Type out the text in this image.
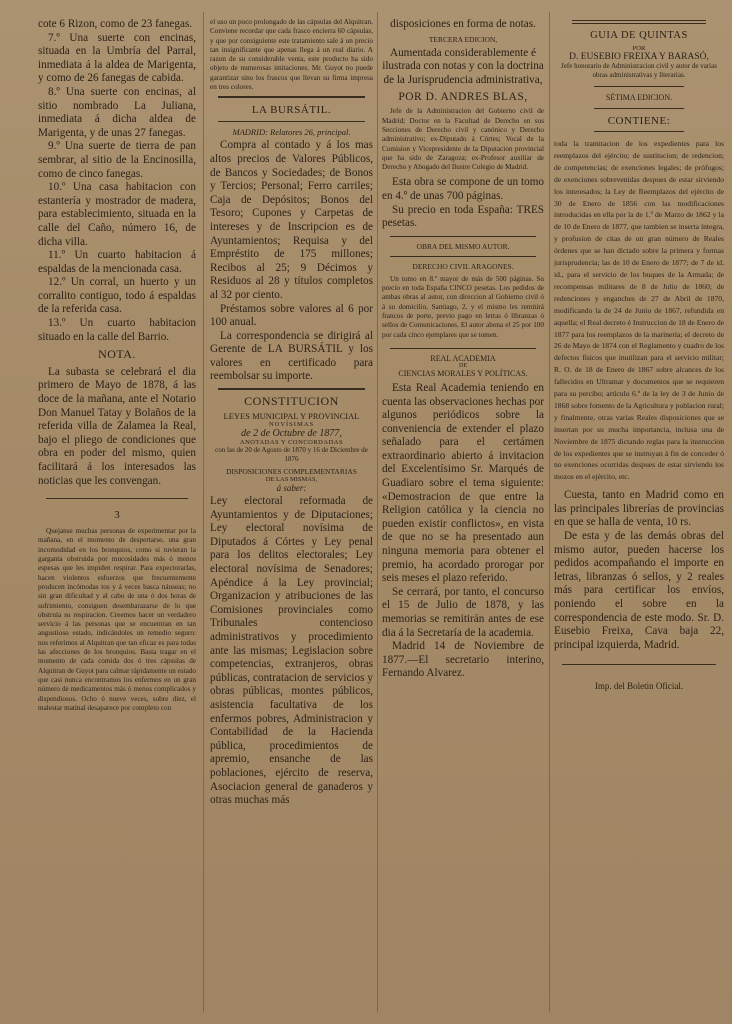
cote 6 Rizon, como de 23 fanegas.

7.º Una suerte con encinas, situada en la Umbría del Parral, inmediata á la aldea de Marigenta, y como de 26 fanegas de cabida.

8.º Una suerte con encinas, al sitio nombrado La Juliana, inmediata á dicha aldea de Marigenta, y de unas 27 fanegas.

9.º Una suerte de tierra de pan sembrar, al sitio de la Encinosilla, como de cinco fanegas.

10.º Una casa habitacion con estantería y mostrador de madera, para establecimiento, situada en la calle del Caño, número 16, de dicha villa.

11.º Un cuarto habitacion á espaldas de la mencionada casa.

12.º Un corral, un huerto y un corralito contiguo, todo á espaldas de la referida casa.

13.º Un cuarto habitacion situado en la calle del Barrio.

NOTA.

La subasta se celebrará el dia primero de Mayo de 1878, á las doce de la mañana, ante el Notario Don Manuel Tatay y Bolaños de la referida villa de Zalamea la Real, bajo el pliego de condiciones que obra en poder del mismo, quien facilitará á los interesados las noticias que les convengan.

3

Quejanse muchas personas de experimentar por la mañana, en el momento de despertarse, una gran incomodidad en los bronquios, como si tuvieran la garganta obstruida por mucosidades más ó menos espesas que les impiden respirar. Para expectorarlas, hacen violentos esfuerzos que frecuentemente producen incómodas tos y á veces basca náuseas; no sin gran dificultad y al cabo de una ó dos horas de sufrimiento, consiguen desembarazarse de lo que obstruía su respiracion. Creemos hacer un verdadero servicio á las personas que se encuentran en tan angustioso estado, indicándoles un remedio seguro: nos referimos al Alquitran que tan eficaz es para todas las afecciones de los bronquios. Basta tragar en el momento de cada comida dos ó tres cápsulas de Alquitran de Guyot para calmar rápidamente un estado que casi nunca encontramos los enfermos en un gran número de medicamentos más ó menos complicados y dispendiosos. Ocho ó nueve veces, sobre diez, el malestar matinal desaparece por completo con

el uso un poco prolongado de las cápsulas del Alquitran. Conviene recordar que cada frasco encierra 60 cápsulas, y que por consiguiente este tratamiento sale á un precio tan insignificante que apenas llega á un real diario. A razon de su considerable venta, este producto ha sido objeto de numerosas imitaciones. Mr. Guyot no puede garantizar sino los frascos que llevan su firma impresa en tres colores.

LA BURSÁTIL.
MADRID: Relatores 26, principal.

Compra al contado y á los mas altos precios de Valores Públicos, de Bancos y Sociedades; de Bonos y Tercios; Personal; Ferro carriles; Caja de Depósitos; Bonos del Tesoro; Cupones y Carpetas de intereses y de Inscripcion es de Ayuntamientos; Requisa y del Empréstito de 175 millones; Recibos al 25; 9 Décimos y Residuos al 28 y títulos completos al 32 por ciento.

Préstamos sobre valores al 6 por 100 anual.

La correspondencia se dirigirá al Gerente de LA BURSÁTIL y los valores en certificado para reembolsar su importe.

CONSTITUCION
LEYES MUNICIPAL Y PROVINCIAL
NOVÍSIMAS
de 2 de Octubre de 1877,
ANOTADAS Y CONCORDADAS
con las de 20 de Agosto de 1870 y 16 de Diciembre de 1876
DISPOSICIONES COMPLEMENTARIAS
DE LAS MISMAS,
á saber:

Ley electoral reformada de Ayuntamientos y de Diputaciones; Ley electoral novísima de Diputados á Córtes y Ley penal para los delitos electorales; Ley electoral novísima de Senadores; Apéndice á la Ley provincial; Organizacion y atribuciones de las Comisiones provinciales como Tribunales contencioso administrativos y procedimiento ante las mismas; Legislacion sobre competencias, extranjeros, obras públicas, contratacion de servicios y obras públicas, montes públicos, asistencia facultativa de los enfermos pobres, Administracion y Contabilidad de la Hacienda pública, procedimientos de apremio, ensanche de las poblaciones, ejército de reserva, Asociacion general de ganaderos y otras muchas más

disposiciones en forma de notas.
TERCERA EDICION,
Aumentada considerablemente é ilustrada con notas y con la doctrina de la Jurisprudencia administrativa,
POR D. ANDRES BLAS,

Jefe de la Administracion del Gobierno civil de Madrid; Doctor en la Facultad de Derecho en sus Secciones de Derecho civil y canónico y Derecho administrativo; ex-Diputado á Córtes; Vocal de la Comision y Vicepresidente de la Diputacion provincial que ha sido de Zaragoza; ex-Profesor auxiliar de Derecho y Abogado del Ilustre Colegio de Madrid.

Esta obra se compone de un tomo en 4.º de unas 700 páginas.

Su precio en toda España: TRES pesetas.

OBRA DEL MISMO AUTOR.
DERECHO CIVIL ARAGONES.

Un tomo en 8.º mayor de más de 500 páginas. Su precio en toda España CINCO pesetas. Los pedidos de ambas obras al autor, con direccion al Gobierno civil ó á su domicilio, Santiago, 2, y el mismo les remitirá francos de porte, previo pago en letras ó libranzas ó sellos de Comunicaciones. El autor abona el 25 por 100 por cada cinco ejemplares que se tomen.

REAL ACADEMIA
DE
CIENCIAS MORALES Y POLÍTICAS.

Esta Real Academia teniendo en cuenta las observaciones hechas por algunos periódicos sobre la conveniencia de extender el plazo señalado para el certámen extraordinario abierto á invitacion del Excelentísimo Sr. Marqués de Guadiaro sobre el tema siguiente: «Demostracion de que entre la Religion católica y la ciencia no pueden existir conflictos», en vista de que no se ha presentado aun ninguna memoria para obtener el premio, ha acordado prorogar por seis meses el plazo referido.

Se cerrará, por tanto, el concurso el 15 de Julio de 1878, y las memorias se remitirán antes de ese dia á la Secretaría de la academia.

Madrid 14 de Noviembre de 1877.—El secretario interino, Fernando Alvarez.

GUIA DE QUINTAS
POR
D. EUSEBIO FREIXA Y BARASÓ,
Jefe honorario de Administracion civil y autor de varias obras administrativas y literarias.
SÉTIMA EDICION.
CONTIENE:

toda la tramitacion de los expedientes para los reemplazos del ejército; de sustitucion; de redencion; de competencias; de exenciones legales; de prófugos; de exenciones sobrevenidas despues de estar sirviendo los interesados; la Ley de Reemplazos del ejército de 30 de Enero de 1856 con las modificaciones introducidas en ella por la de 1.º de Marzo de 1862 y la de 10 de Enero de 1877, que tambien se inserta íntegra, y profusion de citas de un gran número de Reales órdenes que se han dictado sobre la primera y formas jurisprudencia; las de 10 de Enero de 1877; de 7 de id. id., para el servicio de los buques de la Armada; de recompensas militares de 8 de Julio de 1860; de redenciones y enganches de 27 de Abril de 1870, modificando la de 24 de Junio de 1867, refundida en aquella; el Real decreto é Instruccion de 18 de Enero de 1877 para los reemplazos de la marinería; el decreto de 26 de Mayo de 1874 con el Reglamento y cuadro de los defectos físicos que inutilizan para el servicio militar; R. O. de 18 de Enero de 1867 sobre alcances de los fallecidos en Ultramar y documentos que se requieren para su percibo; artículo 6.º de la ley de 3 de Junio de 1868 sobre fomento de la Agricultura y poblacion rural; y finalmente, otras varias Reales disposiciones que se insertan por su mucha importancia, inclusa una de Noviembre de 1875 dictando reglas para la instruccion de los expedientes que se instruyan á fin de conceder ó no exenciones ocurridas despues de estar sirviendo los mozos en el ejército, etc.

Cuesta, tanto en Madrid como en las principales librerías de provincias en que se halla de venta, 10 rs.

De esta y de las demás obras del mismo autor, pueden hacerse los pedidos acompañando el importe en letras, libranzas ó sellos, y 2 reales más para certificar los envíos, poniendo el sobre en la correspondencia de este modo. Sr. D. Eusebio Freixa, Cava baja 22, principal izquierda, Madrid.

Imp. del Boletin Oficial.
